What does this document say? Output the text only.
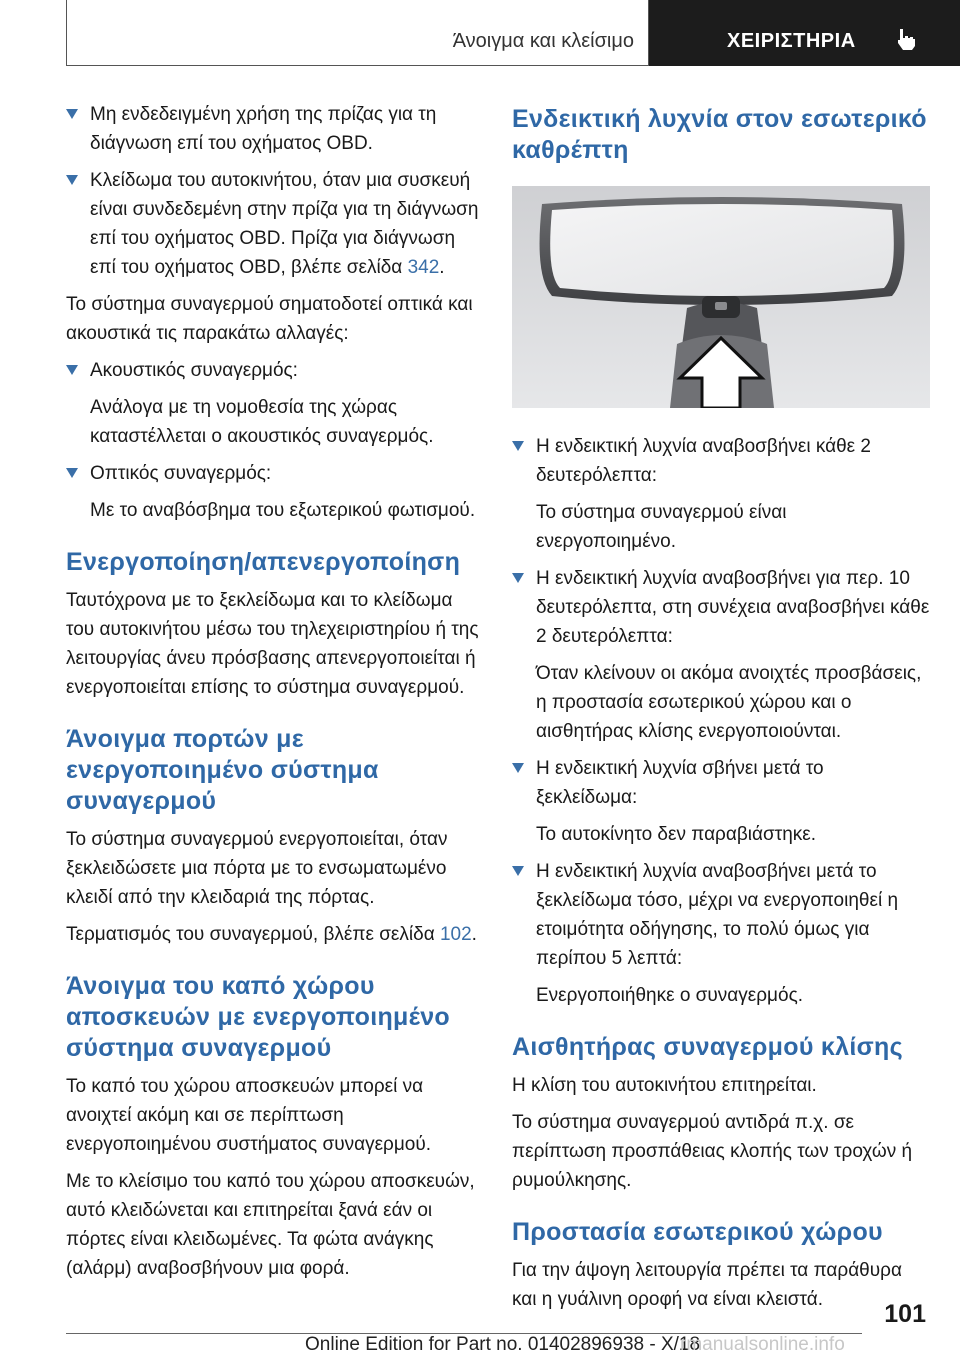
Άνοιγμα και κλείσιμο	ΧΕΙΡΙΣΤΗΡΙΑ
Μη ενδεδειγμένη χρήση της πρίζας για τη διάγνωση επί του οχήματος OBD.
Κλείδωμα του αυτοκινήτου, όταν μια συσκευή είναι συνδεδεμένη στην πρίζα για τη διάγνωση επί του οχήματος OBD. Πρίζα για διάγνωση επί του οχήματος OBD, βλέπε σελίδα 342.
Το σύστημα συναγερμού σηματοδοτεί οπτικά και ακουστικά τις παρακάτω αλλαγές:
Ακουστικός συναγερμός:
Ανάλογα με τη νομοθεσία της χώρας καταστέλλεται ο ακουστικός συναγερμός.
Οπτικός συναγερμός:
Με το αναβόσβημα του εξωτερικού φωτισμού.
Ενεργοποίηση/απενεργοποίηση
Ταυτόχρονα με το ξεκλείδωμα και το κλείδωμα του αυτοκινήτου μέσω του τηλεχειριστηρίου ή της λειτουργίας άνευ πρόσβασης απενεργοποιείται ή ενεργοποιείται επίσης το σύστημα συναγερμού.
Άνοιγμα πορτών με ενεργοποιημένο σύστημα συναγερμού
Το σύστημα συναγερμού ενεργοποιείται, όταν ξεκλειδώσετε μια πόρτα με το ενσωματωμένο κλειδί από την κλειδαριά της πόρτας.
Τερματισμός του συναγερμού, βλέπε σελίδα 102.
Άνοιγμα του καπό χώρου αποσκευών με ενεργοποιημένο σύστημα συναγερμού
Το καπό του χώρου αποσκευών μπορεί να ανοιχτεί ακόμη και σε περίπτωση ενεργοποιημένου συστήματος συναγερμού.
Με το κλείσιμο του καπό του χώρου αποσκευών, αυτό κλειδώνεται και επιτηρείται ξανά εάν οι πόρτες είναι κλειδωμένες. Τα φώτα ανάγκης (αλάρμ) αναβοσβήνουν μια φορά.
Ενδεικτική λυχνία στον εσωτερικό καθρέπτη
Η ενδεικτική λυχνία αναβοσβήνει κάθε 2 δευτερόλεπτα:
Το σύστημα συναγερμού είναι ενεργοποιημένο.
Η ενδεικτική λυχνία αναβοσβήνει για περ. 10 δευτερόλεπτα, στη συνέχεια αναβοσβήνει κάθε 2 δευτερόλεπτα:
Όταν κλείνουν οι ακόμα ανοιχτές προσβάσεις, η προστασία εσωτερικού χώρου και ο αισθητήρας κλίσης ενεργοποιούνται.
Η ενδεικτική λυχνία σβήνει μετά το ξεκλείδωμα:
Το αυτοκίνητο δεν παραβιάστηκε.
Η ενδεικτική λυχνία αναβοσβήνει μετά το ξεκλείδωμα τόσο, μέχρι να ενεργοποιηθεί η ετοιμότητα οδήγησης, το πολύ όμως για περίπου 5 λεπτά:
Ενεργοποιήθηκε ο συναγερμός.
Αισθητήρας συναγερμού κλίσης
Η κλίση του αυτοκινήτου επιτηρείται.
Το σύστημα συναγερμού αντιδρά π.χ. σε περίπτωση προσπάθειας κλοπής των τροχών ή ρυμούλκησης.
Προστασία εσωτερικού χώρου
Για την άψογη λειτουργία πρέπει τα παράθυρα και η γυάλινη οροφή να είναι κλειστά.
101
Online Edition for Part no. 01402896938 - X/18
rmanualsonline.info
